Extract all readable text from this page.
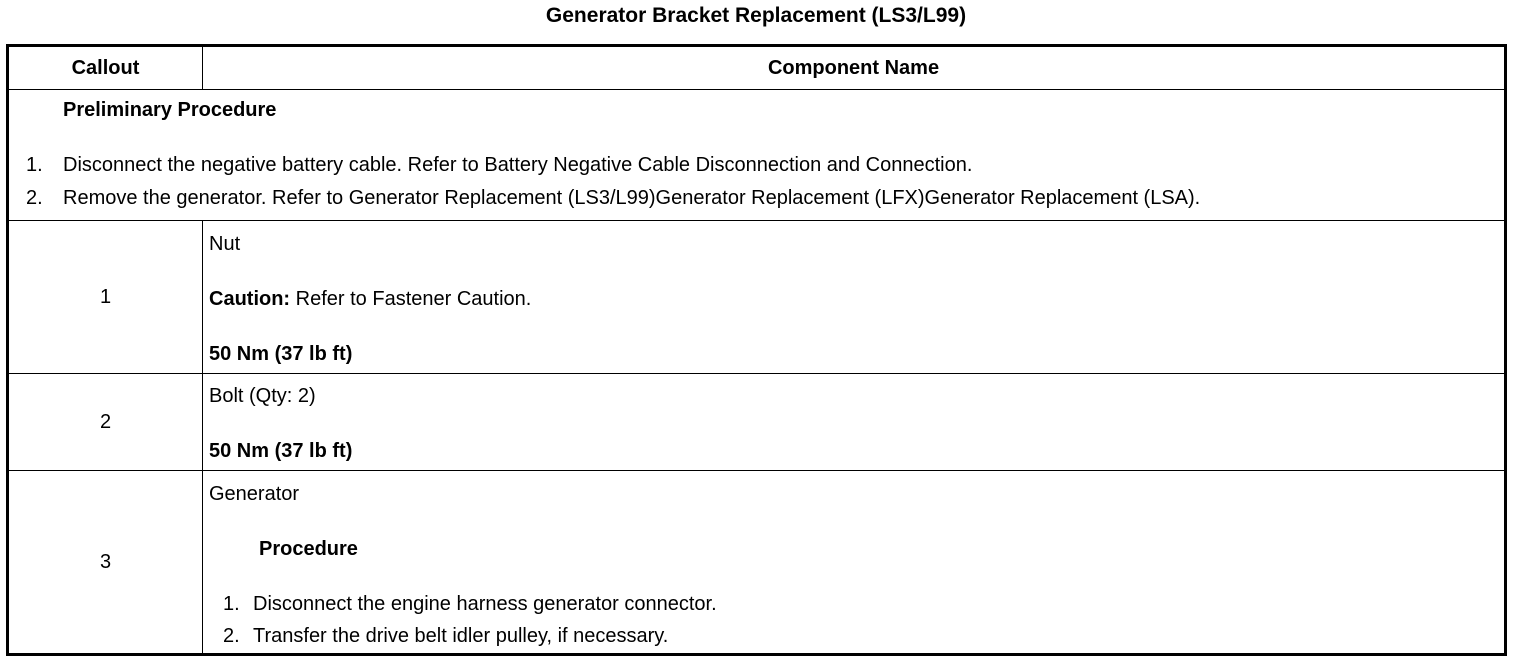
Generator Bracket Replacement (LS3/L99)
Callout	Component Name
Preliminary Procedure
1. Disconnect the negative battery cable. Refer to Battery Negative Cable Disconnection and Connection.
2. Remove the generator. Refer to Generator Replacement (LS3/L99)Generator Replacement (LFX)Generator Replacement (LSA).
1
Nut
Caution: Refer to Fastener Caution.
50 Nm (37 lb ft)
2
Bolt (Qty: 2)
50 Nm (37 lb ft)
3
Generator
Procedure
1. Disconnect the engine harness generator connector.
2. Transfer the drive belt idler pulley, if necessary.
